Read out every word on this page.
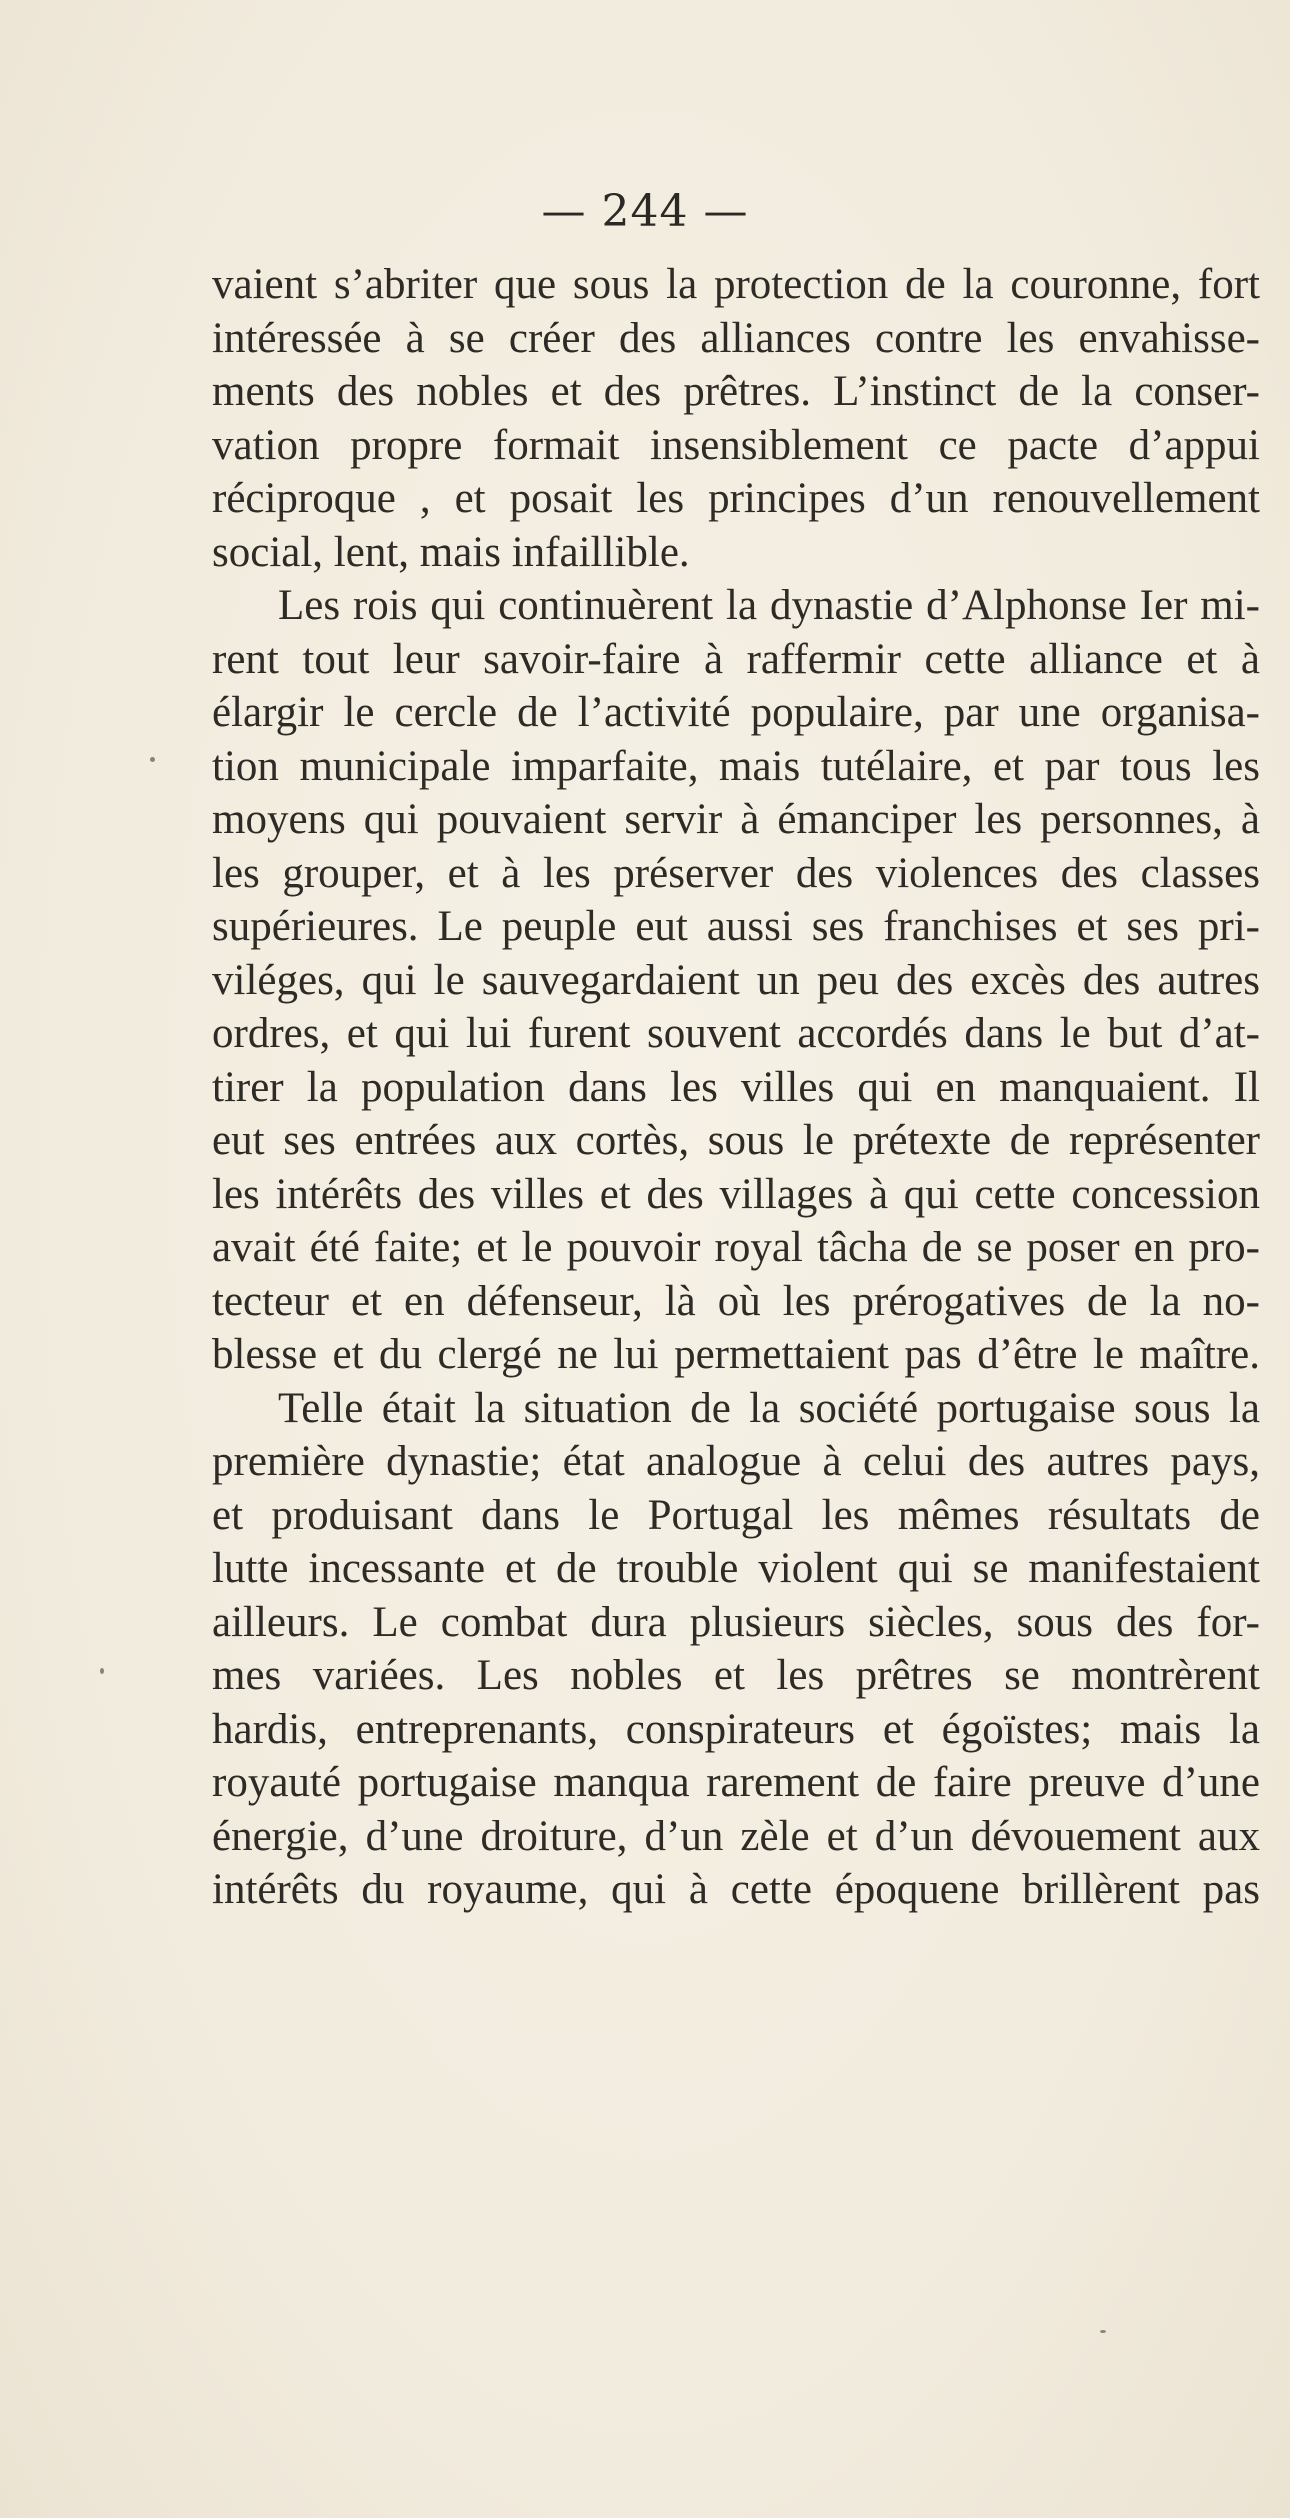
— 244 —
vaient s’abriter que sous la protection de la couronne, fort
intéressée à se créer des alliances contre les envahisse-
ments des nobles et des prêtres. L’instinct de la conser-
vation propre formait insensiblement ce pacte d’appui
réciproque , et posait les principes d’un renouvellement
social, lent, mais infaillible.
Les rois qui continuèrent la dynastie d’Alphonse Ier mi-
rent tout leur savoir-faire à raffermir cette alliance et à
élargir le cercle de l’activité populaire, par une organisa-
tion municipale imparfaite, mais tutélaire, et par tous les
moyens qui pouvaient servir à émanciper les personnes, à
les grouper, et à les préserver des violences des classes
supérieures. Le peuple eut aussi ses franchises et ses pri-
viléges, qui le sauvegardaient un peu des excès des autres
ordres, et qui lui furent souvent accordés dans le but d’at-
tirer la population dans les villes qui en manquaient. Il
eut ses entrées aux cortès, sous le prétexte de représenter
les intérêts des villes et des villages à qui cette concession
avait été faite; et le pouvoir royal tâcha de se poser en pro-
tecteur et en défenseur, là où les prérogatives de la no-
blesse et du clergé ne lui permettaient pas d’être le maître.
Telle était la situation de la société portugaise sous la
première dynastie; état analogue à celui des autres pays,
et produisant dans le Portugal les mêmes résultats de
lutte incessante et de trouble violent qui se manifestaient
ailleurs. Le combat dura plusieurs siècles, sous des for-
mes variées. Les nobles et les prêtres se montrèrent
hardis, entreprenants, conspirateurs et égoïstes; mais la
royauté portugaise manqua rarement de faire preuve d’une
énergie, d’une droiture, d’un zèle et d’un dévouement aux
intérêts du royaume, qui à cette époquene brillèrent pas
